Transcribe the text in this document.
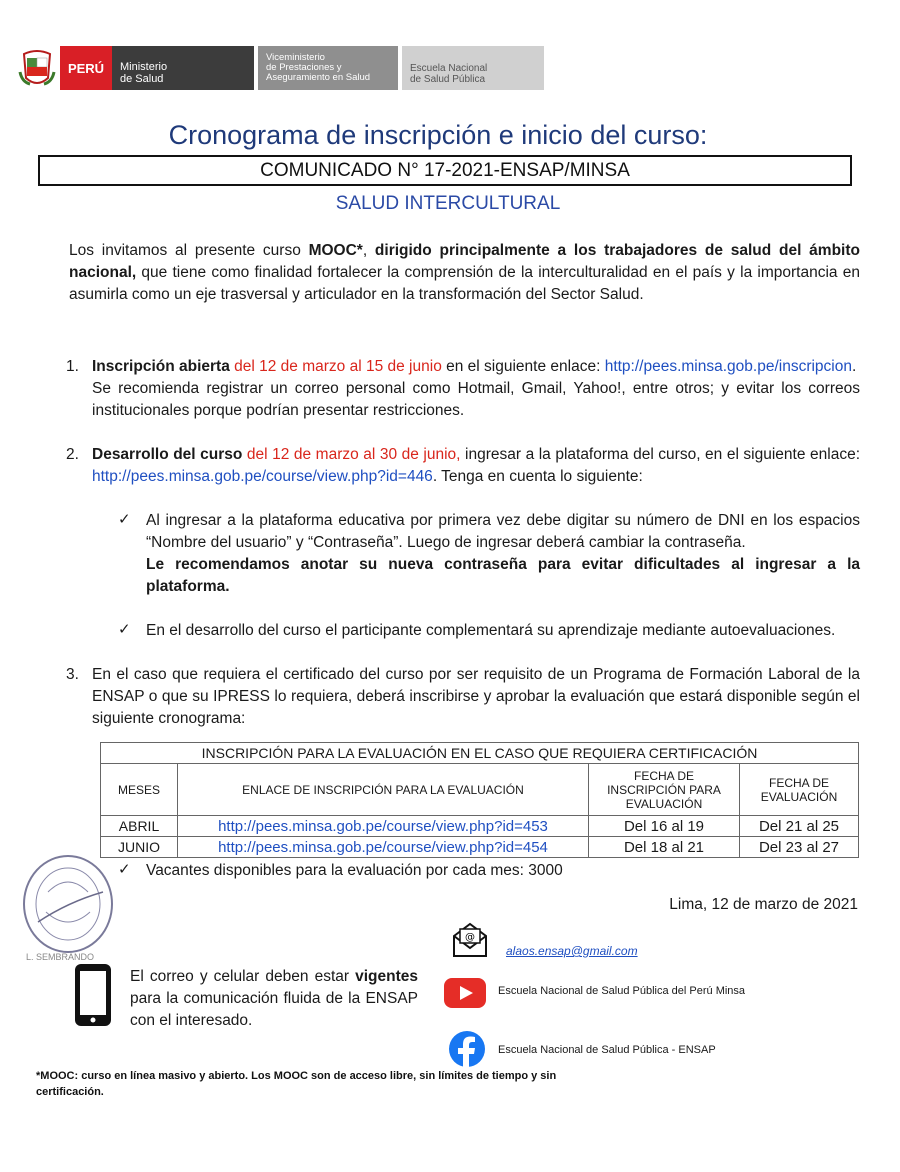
PERÚ	Ministerio
de Salud
Viceministerio
de Prestaciones y
Aseguramiento en Salud
Escuela Nacional
de Salud Pública
Cronograma de inscripción e inicio del curso:
COMUNICADO N° 17-2021-ENSAP/MINSA
SALUD INTERCULTURAL
Los invitamos al presente curso MOOC*, dirigido principalmente a los trabajadores de salud del ámbito nacional, que tiene como finalidad fortalecer la comprensión de la interculturalidad en el país y la importancia en asumirla como un eje trasversal y articulador en la transformación del Sector Salud.
1. Inscripción abierta del 12 de marzo al 15 de junio en el siguiente enlace: http://pees.minsa.gob.pe/inscripcion.
Se recomienda registrar un correo personal como Hotmail, Gmail, Yahoo!, entre otros; y evitar los correos institucionales porque podrían presentar restricciones.
2. Desarrollo del curso del 12 de marzo al 30 de junio, ingresar a la plataforma del curso, en el siguiente enlace: http://pees.minsa.gob.pe/course/view.php?id=446. Tenga en cuenta lo siguiente:
✓ Al ingresar a la plataforma educativa por primera vez debe digitar su número de DNI en los espacios “Nombre del usuario” y “Contraseña”. Luego de ingresar deberá cambiar la contraseña.
Le recomendamos anotar su nueva contraseña para evitar dificultades al ingresar a la plataforma.
✓ En el desarrollo del curso el participante complementará su aprendizaje mediante autoevaluaciones.
3. En el caso que requiera el certificado del curso por ser requisito de un Programa de Formación Laboral de la ENSAP o que su IPRESS lo requiera, deberá inscribirse y aprobar la evaluación que estará disponible según el siguiente cronograma:
INSCRIPCIÓN PARA LA EVALUACIÓN EN EL CASO QUE REQUIERA CERTIFICACIÓN			
MESES	ENLACE DE INSCRIPCIÓN PARA LA EVALUACIÓN	FECHA DE INSCRIPCIÓN PARA EVALUACIÓN	FECHA DE EVALUACIÓN
ABRIL	http://pees.minsa.gob.pe/course/view.php?id=453	Del 16 al 19	Del 21 al 25
JUNIO	http://pees.minsa.gob.pe/course/view.php?id=454	Del 18 al 21	Del 23 al 27
✓ Vacantes disponibles para la evaluación por cada mes: 3000
Lima, 12 de marzo de 2021
L. SEMBRANDO
El correo y celular deben estar vigentes para la comunicación fluida de la ENSAP con el interesado.
@
alaos.ensap@gmail.com
Escuela Nacional de Salud Pública del Perú Minsa
Escuela Nacional de Salud Pública - ENSAP
*MOOC: curso en línea masivo y abierto. Los MOOC son de acceso libre, sin límites de tiempo y sin certificación.
